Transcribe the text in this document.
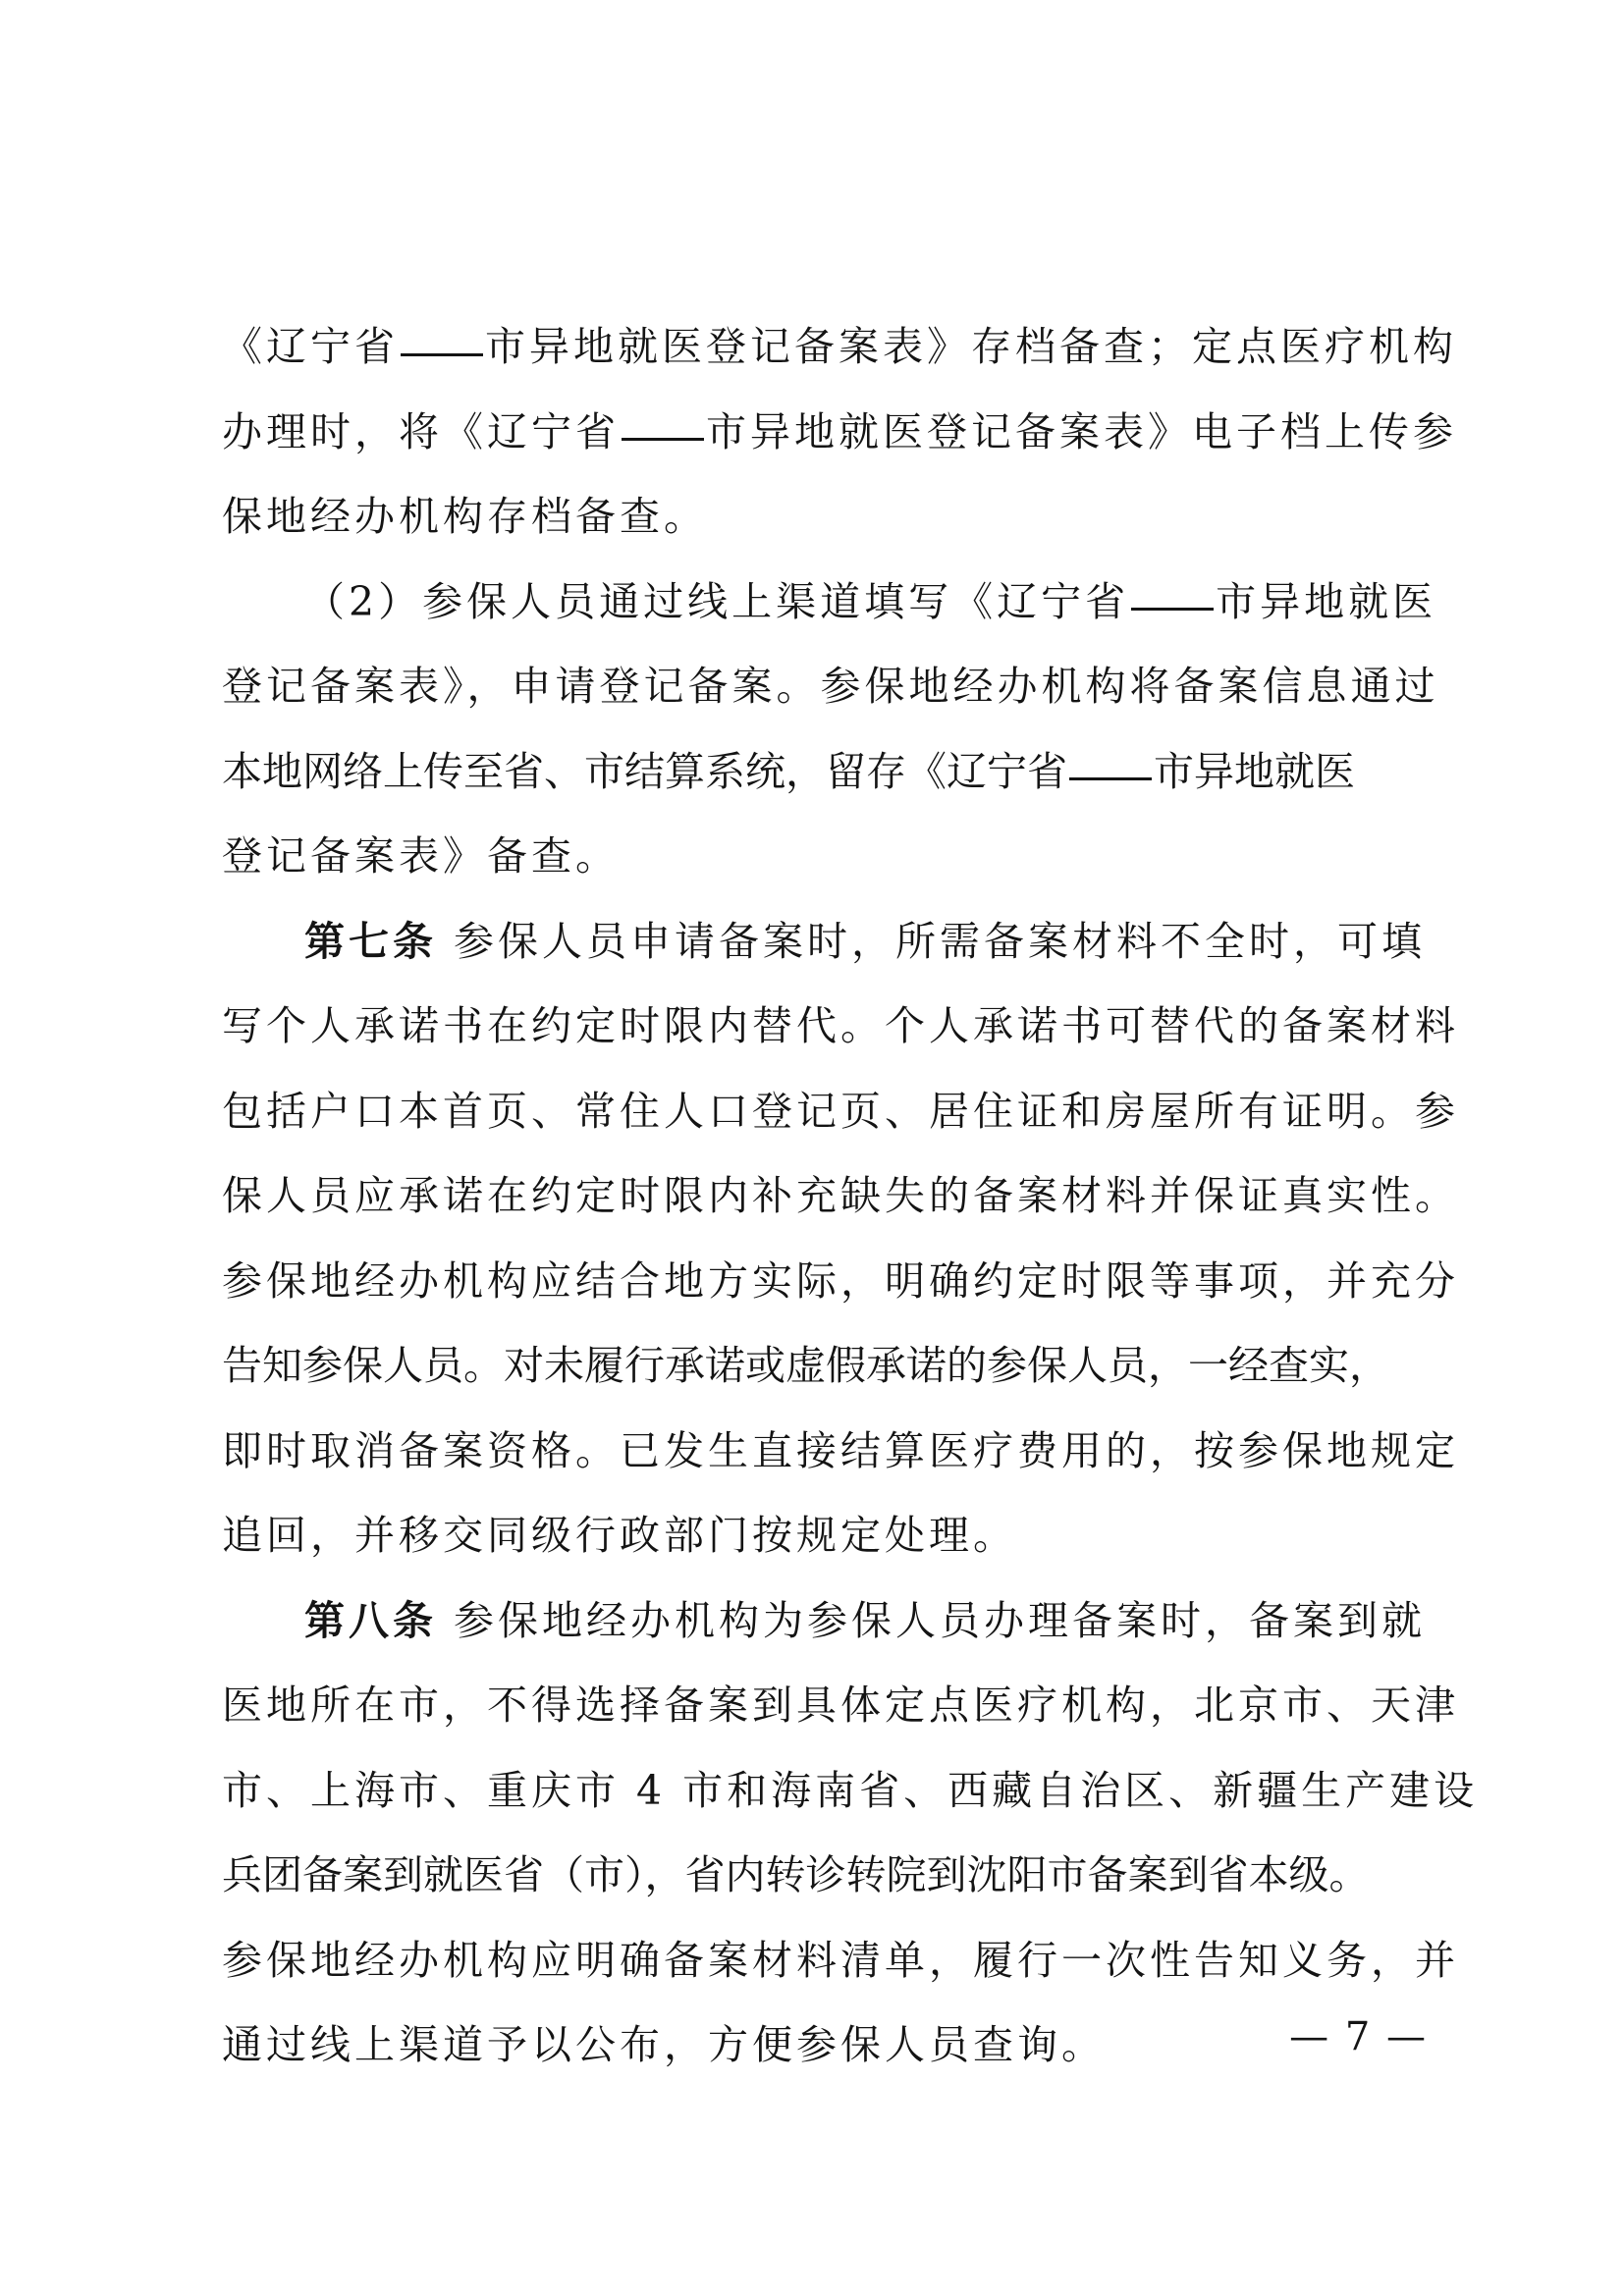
《辽宁省 市异地就医登记备案表》存档备查；定点医疗机构
办理时，将《辽宁省 市异地就医登记备案表》电子档上传参
保地经办机构存档备查。
（2）参保人员通过线上渠道填写《辽宁省 市异地就医
登记备案表》，申请登记备案。参保地经办机构将备案信息通过
本地网络上传至省、市结算系统，留存《辽宁省 市异地就医
登记备案表》备查。
第七条 参保人员申请备案时，所需备案材料不全时，可填
写个人承诺书在约定时限内替代。个人承诺书可替代的备案材料
包括户口本首页、常住人口登记页、居住证和房屋所有证明。参
保人员应承诺在约定时限内补充缺失的备案材料并保证真实性。
参保地经办机构应结合地方实际，明确约定时限等事项，并充分
告知参保人员。对未履行承诺或虚假承诺的参保人员，一经查实，
即时取消备案资格。已发生直接结算医疗费用的，按参保地规定
追回，并移交同级行政部门按规定处理。
第八条 参保地经办机构为参保人员办理备案时，备案到就
医地所在市，不得选择备案到具体定点医疗机构，北京市、天津
市、上海市、重庆市 4 市和海南省、西藏自治区、新疆生产建设
兵团备案到就医省（市），省内转诊转院到沈阳市备案到省本级。
参保地经办机构应明确备案材料清单，履行一次性告知义务，并
通过线上渠道予以公布，方便参保人员查询。	— 7 —
